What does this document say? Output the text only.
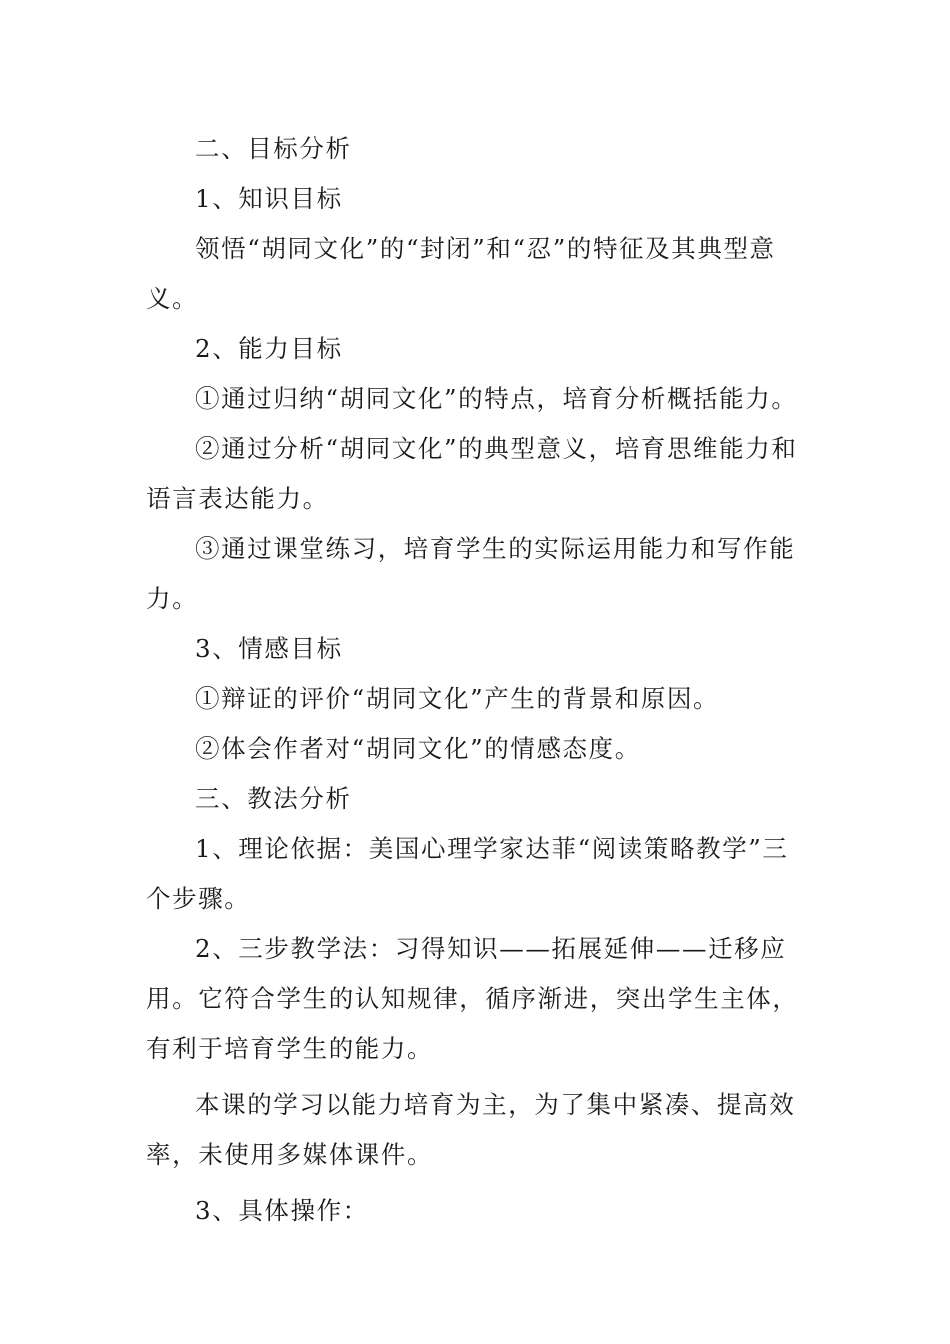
二、目标分析

1、知识目标

领悟“胡同文化”的“封闭”和“忍”的特征及其典型意义。

2、能力目标

①通过归纳“胡同文化”的特点，培育分析概括能力。

②通过分析“胡同文化”的典型意义，培育思维能力和语言表达能力。

③通过课堂练习，培育学生的实际运用能力和写作能力。

3、情感目标

①辩证的评价“胡同文化”产生的背景和原因。

②体会作者对“胡同文化”的情感态度。

三、教法分析

1、理论依据：美国心理学家达菲“阅读策略教学”三个步骤。

2、三步教学法：习得知识——拓展延伸——迁移应用。它符合学生的认知规律，循序渐进，突出学生主体，有利于培育学生的能力。

本课的学习以能力培育为主，为了集中紧凑、提高效率，未使用多媒体课件。

3、具体操作：
